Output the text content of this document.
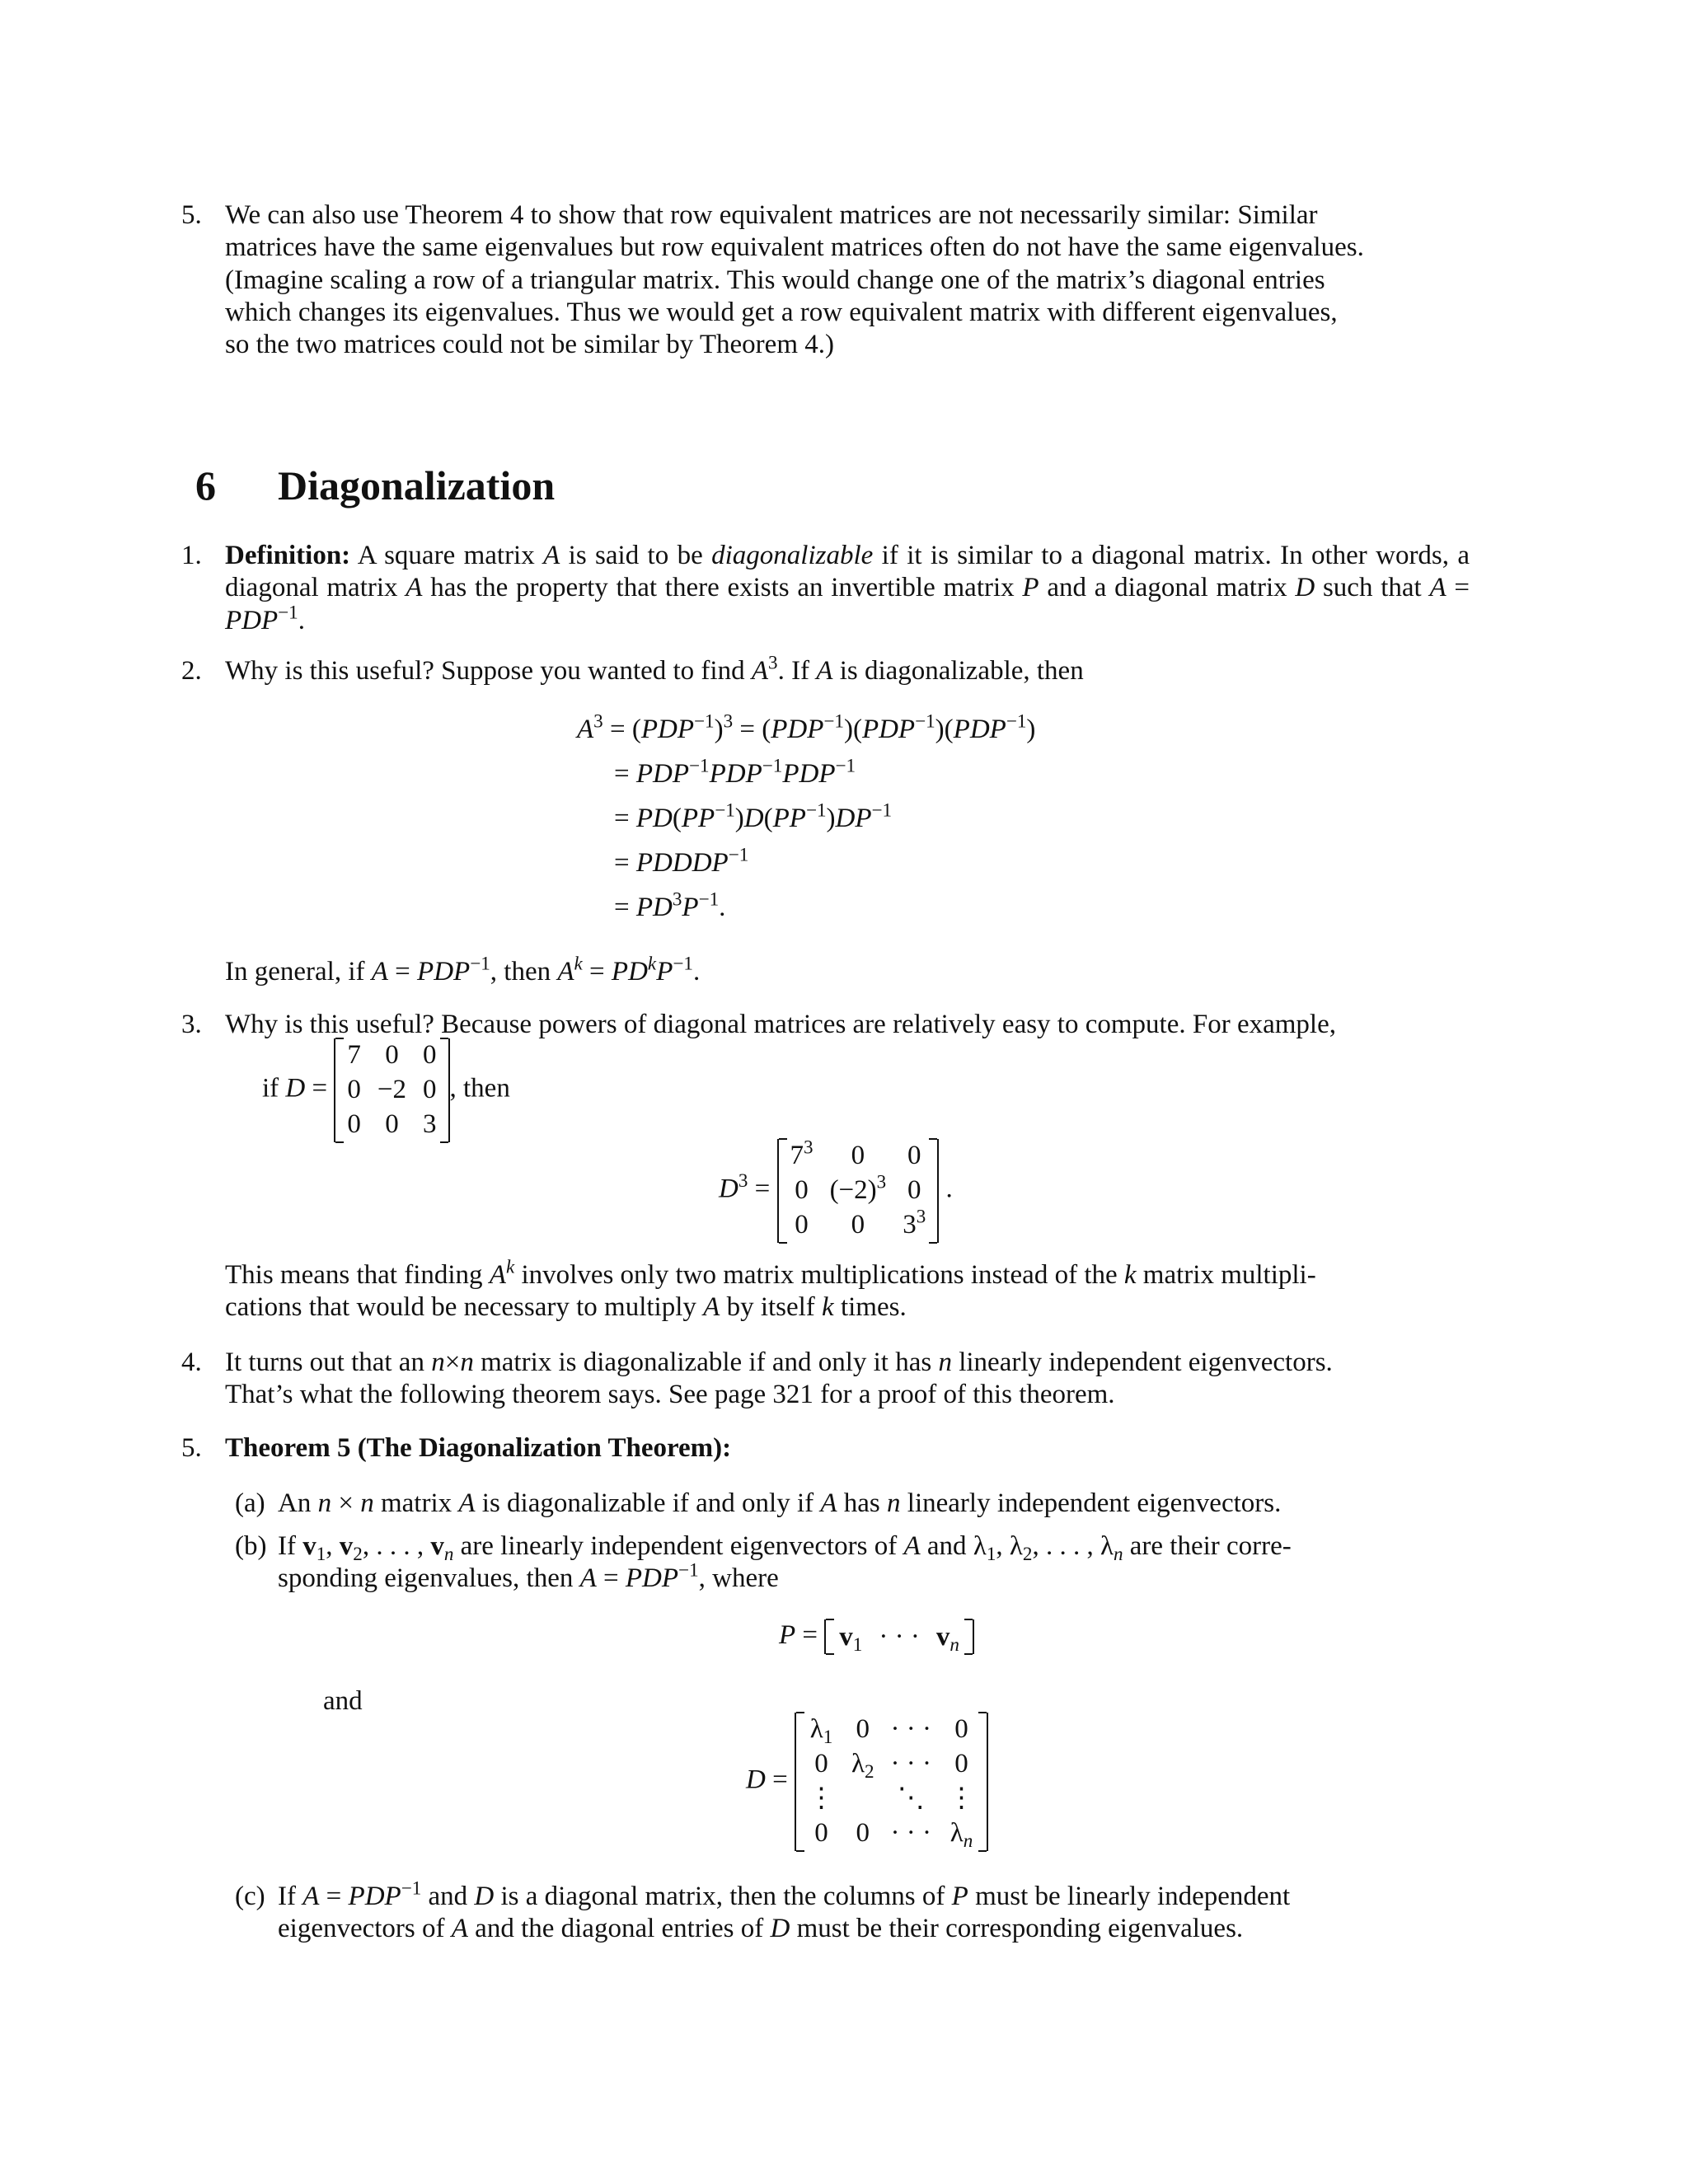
5. We can also use Theorem 4 to show that row equivalent matrices are not necessarily similar: Similar
matrices have the same eigenvalues but row equivalent matrices often do not have the same eigenvalues.
(Imagine scaling a row of a triangular matrix. This would change one of the matrix’s diagonal entries
which changes its eigenvalues. Thus we would get a row equivalent matrix with different eigenvalues,
so the two matrices could not be similar by Theorem 4.)
6 Diagonalization
1. Definition: A square matrix A is said to be diagonalizable if it is similar to a diagonal matrix. In other words, a diagonal matrix A has the property that there exists an invertible matrix P and a diagonal matrix D such that $A = PDP^{-1}$.
2. Why is this useful? Suppose you wanted to find $A^3$. If A is diagonalizable, then
$A^3 = (PDP^{-1})^3 = (PDP^{-1})(PDP^{-1})(PDP^{-1})$
= $PDP^{-1}PDP^{-1}PDP^{-1}$
= $PD(PP^{-1})D(PP^{-1})DP^{-1}$
= $PDDDP^{-1}$
= $PD^3P^{-1}$.
In general, if $A = PDP^{-1}$, then $A^k = PD^kP^{-1}$.
3. Why is this useful? Because powers of diagonal matrices are relatively easy to compute. For example,
if D =
7	0	0
0	−2	0
0	0	3
, then
$D^3$ =
$7^3$	0	0
0	$(-2)^3$	0
0	0	$3^3$
.
This means that finding $A^k$ involves only two matrix multiplications instead of the k matrix multipli-
cations that would be necessary to multiply A by itself k times.
4. It turns out that an n×n matrix is diagonalizable if and only it has n linearly independent eigenvectors.
That’s what the following theorem says. See page 321 for a proof of this theorem.
5. Theorem 5 (The Diagonalization Theorem):
(a) An n × n matrix A is diagonalizable if and only if A has n linearly independent eigenvectors.
(b) If $v_1$, $v_2$, . . . , $v_n$ are linearly independent eigenvectors of A and $\lambda_1$, $\lambda_2$, . . . , $\lambda_n$ are their corre-
sponding eigenvalues, then $A = PDP^{-1}$, where
$P = v_1$	· · ·	$v_n$
and
D =
$\lambda_1$	0	· · ·	0
0	$\lambda_2$	· · ·	0
⋮		⋱	⋮
0	0	· · ·	$\lambda_n$
(c) If $A = PDP^{-1}$ and D is a diagonal matrix, then the columns of P must be linearly independent
eigenvectors of A and the diagonal entries of D must be their corresponding eigenvalues.
